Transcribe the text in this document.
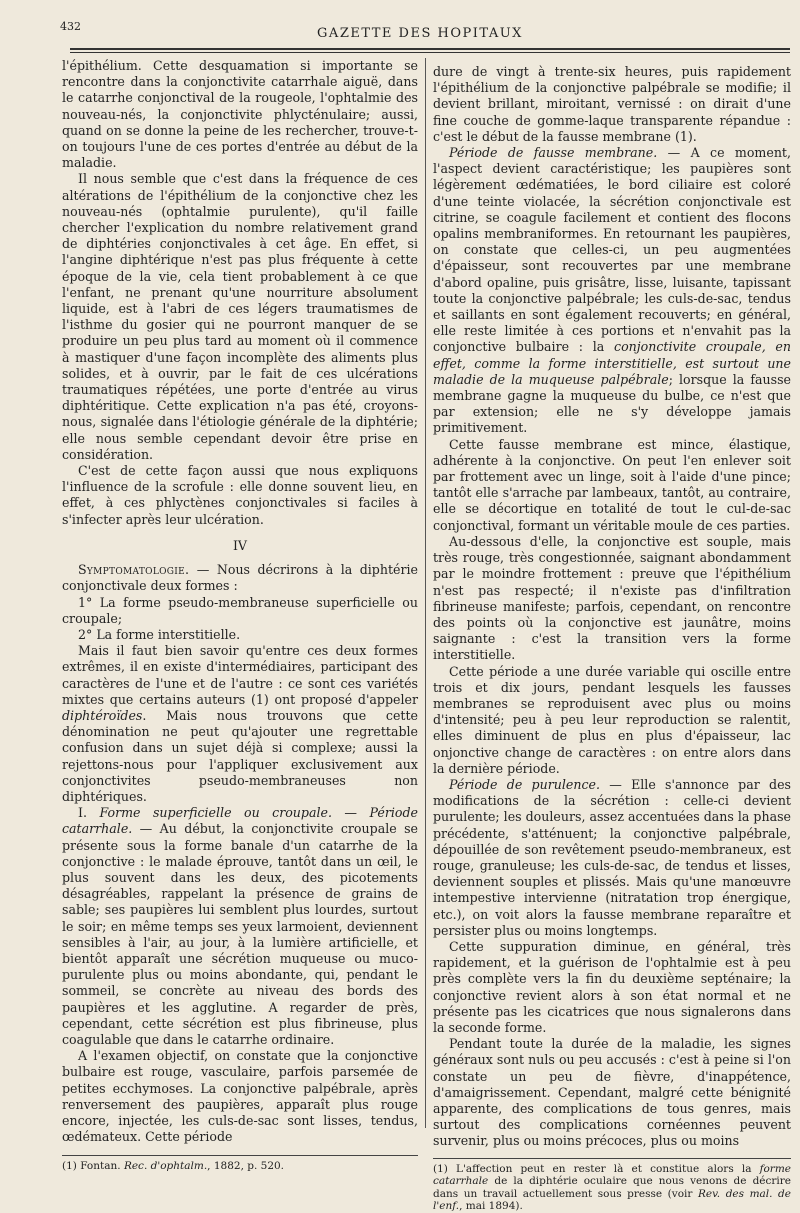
432	GAZETTE DES HOPITAUX

l'épithélium. Cette desquamation si importante se rencontre dans la conjonctivite catarrhale aiguë, dans le catarrhe conjonctival de la rougeole, l'ophtalmie des nouveau-nés, la conjonctivite phlycténulaire; aussi, quand on se donne la peine de les rechercher, trouve-t-on toujours l'une de ces portes d'entrée au début de la maladie.

Il nous semble que c'est dans la fréquence de ces altérations de l'épithélium de la conjonctive chez les nouveau-nés (ophtalmie purulente), qu'il faille chercher l'explication du nombre relativement grand de diphtéries conjonctivales à cet âge. En effet, si l'angine diphtérique n'est pas plus fréquente à cette époque de la vie, cela tient probablement à ce que l'enfant, ne prenant qu'une nourriture absolument liquide, est à l'abri de ces légers traumatismes de l'isthme du gosier qui ne pourront manquer de se produire un peu plus tard au moment où il commence à mastiquer d'une façon incomplète des aliments plus solides, et à ouvrir, par le fait de ces ulcérations traumatiques répétées, une porte d'entrée au virus diphtéritique. Cette explication n'a pas été, croyons-nous, signalée dans l'étiologie générale de la diphtérie; elle nous semble cependant devoir être prise en considération.

C'est de cette façon aussi que nous expliquons l'influence de la scrofule : elle donne souvent lieu, en effet, à ces phlyctènes conjonctivales si faciles à s'infecter après leur ulcération.

IV

Symptomatologie. — Nous décrirons à la diphtérie conjonctivale deux formes :

1° La forme pseudo-membraneuse superficielle ou croupale;

2° La forme interstitielle.

Mais il faut bien savoir qu'entre ces deux formes extrêmes, il en existe d'intermédiaires, participant des caractères de l'une et de l'autre : ce sont ces variétés mixtes que certains auteurs (1) ont proposé d'appeler diphtéroïdes. Mais nous trouvons que cette dénomination ne peut qu'ajouter une regrettable confusion dans un sujet déjà si complexe; aussi la rejettons-nous pour l'appliquer exclusivement aux conjonctivites pseudo-membraneuses non diphtériques.

I. Forme superficielle ou croupale. — Période catarrhale. — Au début, la conjonctivite croupale se présente sous la forme banale d'un catarrhe de la conjonctive : le malade éprouve, tantôt dans un œil, le plus souvent dans les deux, des picotements désagréables, rappelant la présence de grains de sable; ses paupières lui semblent plus lourdes, surtout le soir; en même temps ses yeux larmoient, deviennent sensibles à l'air, au jour, à la lumière artificielle, et bientôt apparaît une sécrétion muqueuse ou muco-purulente plus ou moins abondante, qui, pendant le sommeil, se concrète au niveau des bords des paupières et les agglutine. A regarder de près, cependant, cette sécrétion est plus fibrineuse, plus coagulable que dans le catarrhe ordinaire.

A l'examen objectif, on constate que la conjonctive bulbaire est rouge, vasculaire, parfois parsemée de petites ecchymoses. La conjonctive palpébrale, après renversement des paupières, apparaît plus rouge encore, injectée, les culs-de-sac sont lisses, tendus, œdémateux. Cette période

(1) Fontan. Rec. d'ophtalm., 1882, p. 520.

dure de vingt à trente-six heures, puis rapidement l'épithélium de la conjonctive palpébrale se modifie; il devient brillant, miroitant, vernissé : on dirait d'une fine couche de gomme-laque transparente répandue : c'est le début de la fausse membrane (1).

Période de fausse membrane. — A ce moment, l'aspect devient caractéristique; les paupières sont légèrement œdématiées, le bord ciliaire est coloré d'une teinte violacée, la sécrétion conjonctivale est citrine, se coagule facilement et contient des flocons opalins membraniformes. En retournant les paupières, on constate que celles-ci, un peu augmentées d'épaisseur, sont recouvertes par une membrane d'abord opaline, puis grisâtre, lisse, luisante, tapissant toute la conjonctive palpébrale; les culs-de-sac, tendus et saillants en sont également recouverts; en général, elle reste limitée à ces portions et n'envahit pas la conjonctive bulbaire : la conjonctivite croupale, en effet, comme la forme interstitielle, est surtout une maladie de la muqueuse palpébrale; lorsque la fausse membrane gagne la muqueuse du bulbe, ce n'est que par extension; elle ne s'y développe jamais primitivement.

Cette fausse membrane est mince, élastique, adhérente à la conjonctive. On peut l'en enlever soit par frottement avec un linge, soit à l'aide d'une pince; tantôt elle s'arrache par lambeaux, tantôt, au contraire, elle se décortique en totalité de tout le cul-de-sac conjonctival, formant un véritable moule de ces parties.

Au-dessous d'elle, la conjonctive est souple, mais très rouge, très congestionnée, saignant abondamment par le moindre frottement : preuve que l'épithélium n'est pas respecté; il n'existe pas d'infiltration fibrineuse manifeste; parfois, cependant, on rencontre des points où la conjonctive est jaunâtre, moins saignante : c'est la transition vers la forme interstitielle.

Cette période a une durée variable qui oscille entre trois et dix jours, pendant lesquels les fausses membranes se reproduisent avec plus ou moins d'intensité; peu à peu leur reproduction se ralentit, elles diminuent de plus en plus d'épaisseur, lac onjonctive change de caractères : on entre alors dans la dernière période.

Période de purulence. — Elle s'annonce par des modifications de la sécrétion : celle-ci devient purulente; les douleurs, assez accentuées dans la phase précédente, s'atténuent; la conjonctive palpébrale, dépouillée de son revêtement pseudo-membraneux, est rouge, granuleuse; les culs-de-sac, de tendus et lisses, deviennent souples et plissés. Mais qu'une manœuvre intempestive intervienne (nitratation trop énergique, etc.), on voit alors la fausse membrane reparaître et persister plus ou moins longtemps.

Cette suppuration diminue, en général, très rapidement, et la guérison de l'ophtalmie est à peu près complète vers la fin du deuxième septénaire; la conjonctive revient alors à son état normal et ne présente pas les cicatrices que nous signalerons dans la seconde forme.

Pendant toute la durée de la maladie, les signes généraux sont nuls ou peu accusés : c'est à peine si l'on constate un peu de fièvre, d'inappétence, d'amaigrissement. Cependant, malgré cette bénignité apparente, des complications de tous genres, mais surtout des complications cornéennes peuvent survenir, plus ou moins précoces, plus ou moins

(1) L'affection peut en rester là et constitue alors la forme catarrhale de la diphtérie oculaire que nous venons de décrire dans un travail actuellement sous presse (voir Rev. des mal. de l'enf., mai 1894).
